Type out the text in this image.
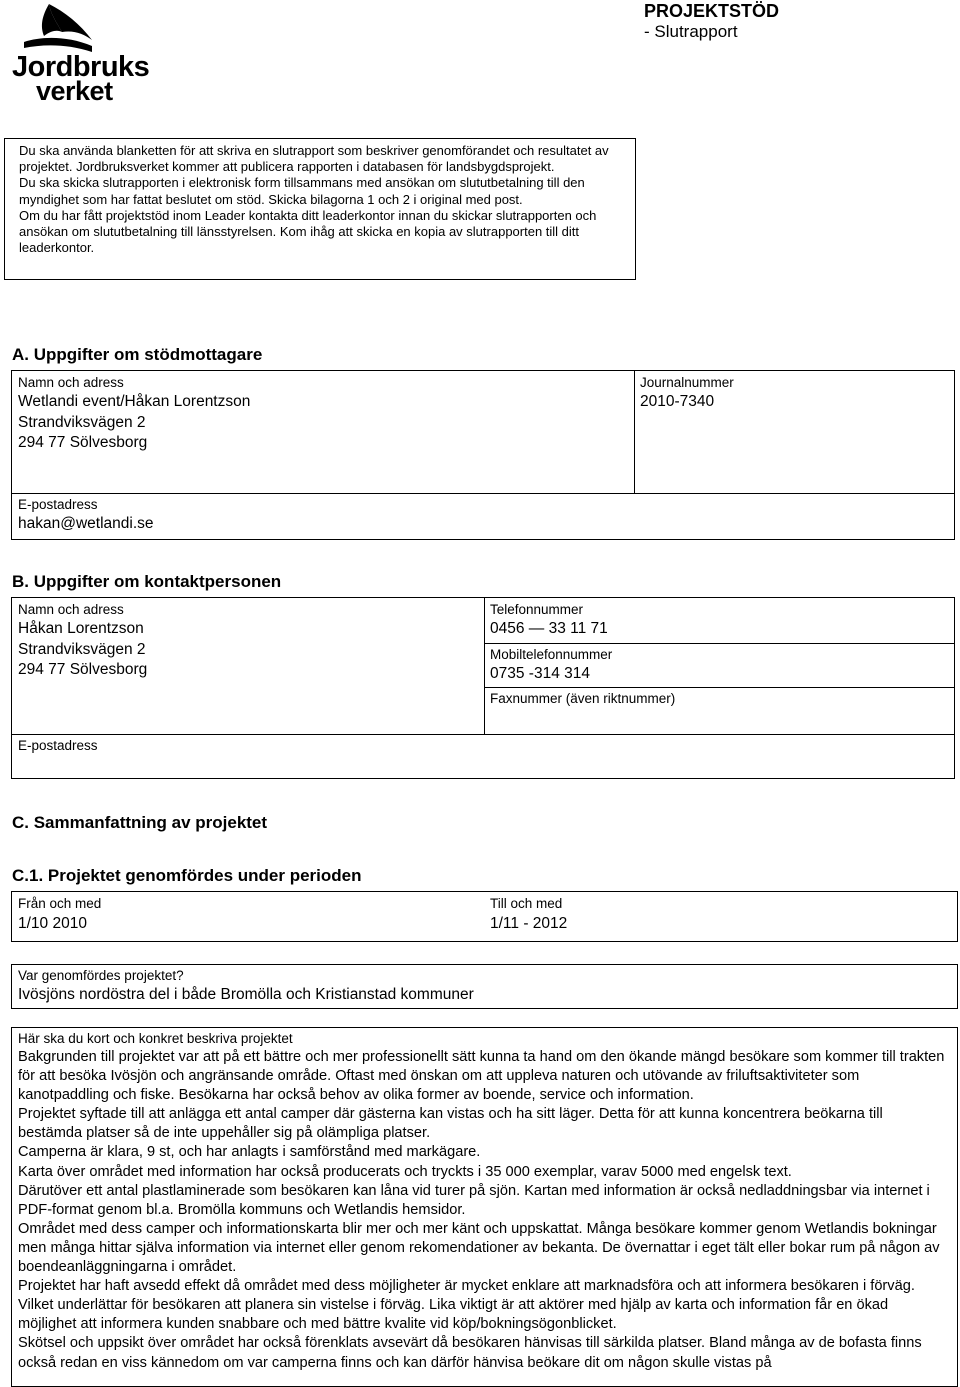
Jordbruks
verket
PROJEKTSTÖD
- Slutrapport

Du ska använda blanketten för att skriva en slutrapport som beskriver genomförandet och resultatet av projektet. Jordbruksverket kommer att publicera rapporten i databasen för landsbygdsprojekt.

Du ska skicka slutrapporten i elektronisk form tillsammans med ansökan om slututbetalning till den myndighet som har fattat beslutet om stöd. Skicka bilagorna 1 och 2 i original med post.

Om du har fått projektstöd inom Leader kontakta ditt leaderkontor innan du skickar slutrapporten och ansökan om slututbetalning till länsstyrelsen. Kom ihåg att skicka en kopia av slutrapporten till ditt leaderkontor.

A. Uppgifter om stödmottagare
Namn och adress
Wetlandi event/Håkan Lorentzson
Strandviksvägen 2
294 77 Sölvesborg
Journalnummer
2010-7340
E-postadress
hakan@wetlandi.se
B. Uppgifter om kontaktpersonen
Namn och adress
Håkan Lorentzson
Strandviksvägen 2
294 77 Sölvesborg
Telefonnummer
0456 — 33 11 71
Mobiltelefonnummer
0735 -314 314
Faxnummer (även riktnummer)
E-postadress
C. Sammanfattning av projektet
C.1. Projektet genomfördes under perioden
Från och med
1/10 2010
Till och med
1/11 - 2012
Var genomfördes projektet?
Ivösjöns nordöstra del i både Bromölla och Kristianstad kommuner
Här ska du kort och konkret beskriva projektet

Bakgrunden till projektet var att på ett bättre och mer professionellt sätt kunna ta hand om den ökande mängd besökare som kommer till trakten för att besöka Ivösjön och angränsande område. Oftast med önskan om att uppleva naturen och utövande av friluftsaktiviteter som kanotpaddling och fiske. Besökarna har också behov av olika former av boende, service och information.

Projektet syftade till att anlägga ett antal camper där gästerna kan vistas och ha sitt läger. Detta för att kunna koncentrera beökarna till bestämda platser så de inte uppehåller sig på olämpliga platser.

Camperna är klara, 9 st, och har anlagts i samförstånd med markägare.

Karta över området med information har också producerats och tryckts i 35 000 exemplar, varav 5000 med engelsk text.

Därutöver ett antal plastlaminerade som besökaren kan låna vid turer på sjön. Kartan med information är också nedladdningsbar via internet i PDF-format genom bl.a. Bromölla kommuns och Wetlandis hemsidor.

Området med dess camper och informationskarta blir mer och mer känt och uppskattat. Många besökare kommer genom Wetlandis bokningar men många hittar själva information via internet eller genom rekomendationer av bekanta. De övernattar i eget tält eller bokar rum på någon av boendeanläggningarna i området.

Projektet har haft avsedd effekt då området med dess möjligheter är mycket enklare att marknadsföra och att informera besökaren i förväg. Vilket underlättar för besökaren att planera sin vistelse i förväg. Lika viktigt är att aktörer med hjälp av karta och information får en ökad möjlighet att informera kunden snabbare och med bättre kvalite vid köp/bokningsögonblicket.

Skötsel och uppsikt över området har också förenklats avsevärt då besökaren hänvisas till särkilda platser. Bland många av de bofasta finns också redan en viss kännedom om var camperna finns och kan därför hänvisa beökare dit om någon skulle vistas på
